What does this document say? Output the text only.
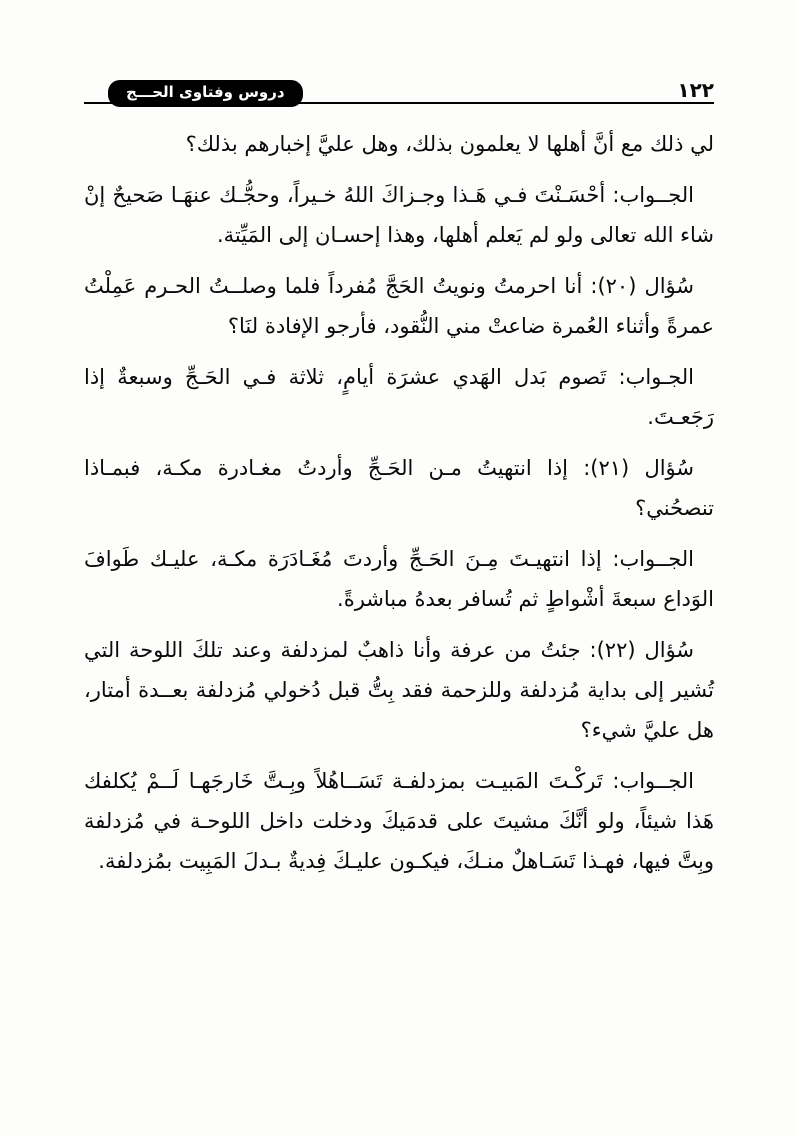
دروس وفتاوى الحـــج	١٢٢

لي ذلك مع أنَّ أهلها لا يعلمون بذلك، وهل عليَّ إخبارهم بذلك؟

الجــواب: أحْسَـنْتَ فـي هَـذا وجـزاكَ اللهُ خـيراً، وحجُّـك عنهَـا صَحيحٌ إنْ شاء الله تعالى ولو لم يَعلم أهلها، وهذا إحسـان إلى المَيِّتة.

سُؤال (٢٠): أنا احرمتُ ونويتُ الحَجَّ مُفرداً فلما وصلــتُ الحـرم عَمِلْتُ عمرةً وأثناء العُمرة ضاعتْ مني النُّقود، فأرجو الإفادة لنَا؟

الجـواب: تَصوم بَدل الهَدي عشرَة أيامٍ، ثلاثة فـي الحَـجِّ وسبعةٌ إذا رَجَعـتَ.

سُؤال (٢١): إذا انتهيتُ مـن الحَـجِّ وأردتُ مغـادرة مكـة، فبمـاذا تنصحُني؟

الجــواب: إذا انتهيـتَ مِـنَ الحَـجِّ وأردتَ مُغَـادَرَة مكـة، عليـك طَوافَ الوَداع سبعةَ أشْواطٍ ثم تُسافر بعدهُ مباشرةً.

سُؤال (٢٢): جئتُ من عرفة وأنا ذاهبٌ لمزدلفة وعند تلكَ اللوحة التي تُشير إلى بداية مُزدلفة وللزحمة فقد بِتُّ قبل دُخولي مُزدلفة بعــدة أمتار، هل عليَّ شيء؟

الجــواب: تَركْـتَ المَبيـت بمزدلفـة تَسَــاهُلاً وبِـتَّ خَارجَهـا لَــمْ يُكلفك هَذا شيئاً، ولو أنَّكَ مشيتَ على قدمَيكَ ودخلت داخل اللوحـة في مُزدلفة وبِتَّ فيها، فهـذا تَسَـاهلٌ منـكَ، فيكـون عليـكَ فِديةٌ بـدلَ المَبِيت بمُزدلفة.
